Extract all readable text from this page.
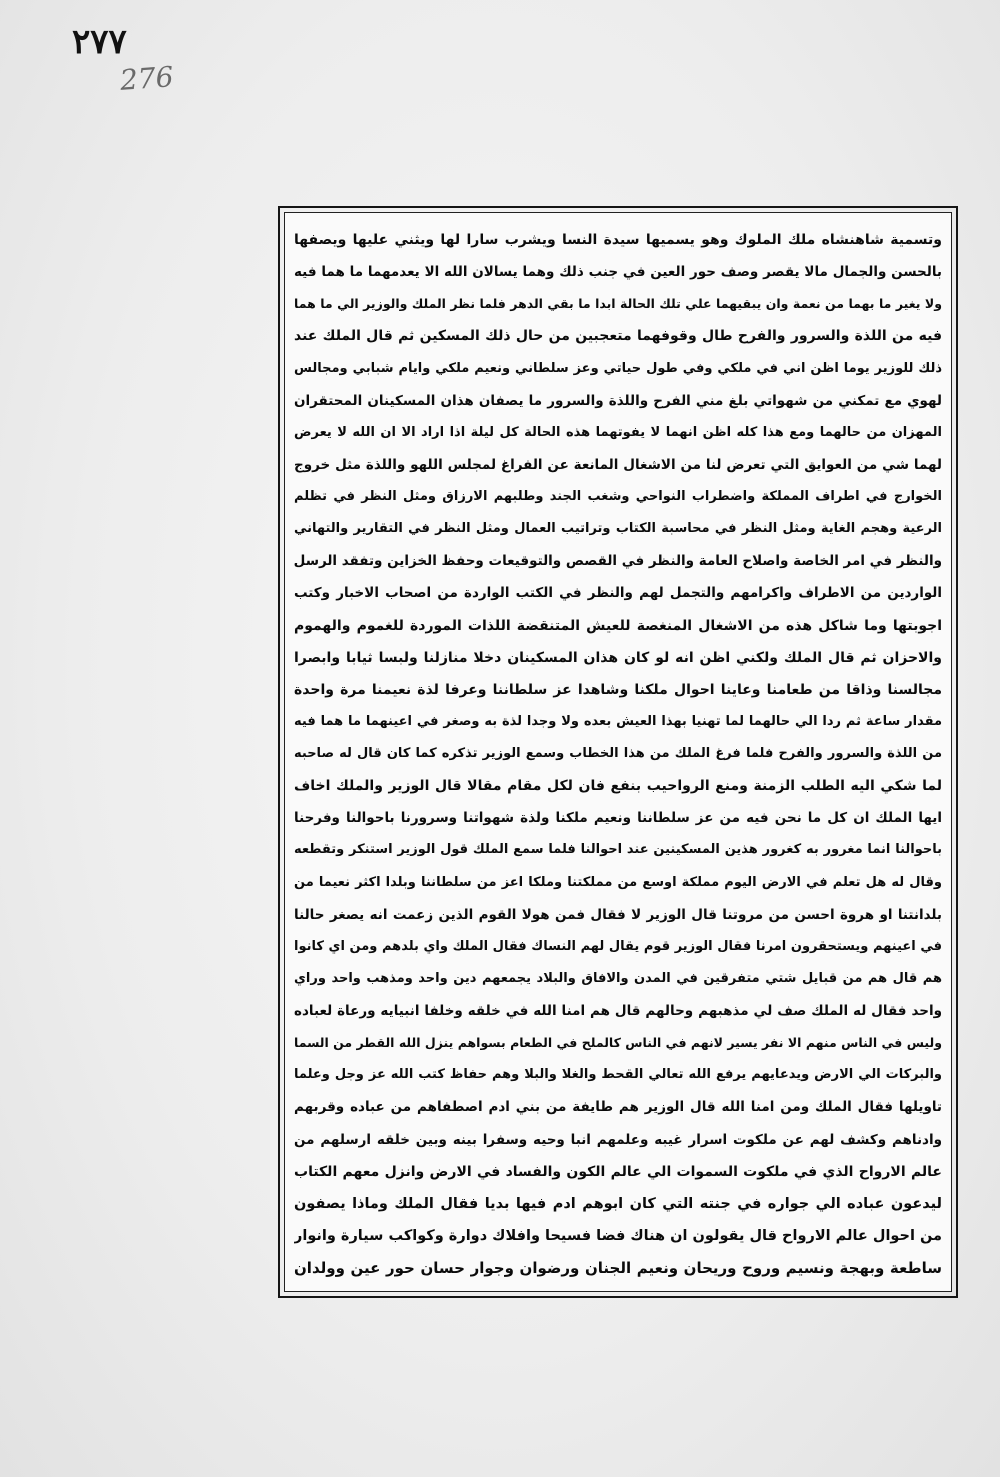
٢٧٧
276
وتسمية شاهنشاه ملك الملوك وهو يسميها سيدة النسا ويشرب سارا لها ويثني عليها ويصفها
بالحسن والجمال مالا يقصر وصف حور العين في جنب ذلك وهما يسالان الله الا يعدمهما ما هما فيه
ولا يغير ما بهما من نعمة وان يبقيهما علي تلك الحالة ابدا ما بقي الدهر فلما نظر الملك والوزير الي ما هما
فيه من اللذة والسرور والفرح طال وقوفهما متعجبين من حال ذلك المسكين ثم قال الملك عند
ذلك للوزير يوما اظن اني في ملكي وفي طول حياتي وعز سلطاني ونعيم ملكي وايام شبابي ومجالس
لهوي مع تمكني من شهواتي بلغ مني الفرح واللذة والسرور ما يصفان هذان المسكينان المحتقران
المهزان من حالهما ومع هذا كله اظن انهما لا يفوتهما هذه الحالة كل ليلة اذا اراد الا ان الله لا يعرض
لهما شي من العوايق التي تعرض لنا من الاشغال المانعة عن الفراغ لمجلس اللهو واللذة مثل خروج
الخوارج في اطراف المملكة واضطراب النواحي وشغب الجند وطلبهم الارزاق ومثل النظر في تظلم
الرعية وهجم الغاية ومثل النظر في محاسبة الكتاب وتراتيب العمال ومثل النظر في التقارير والتهاني
والنظر في امر الخاصة واصلاح العامة والنظر في القصص والتوقيعات وحفظ الخزاين وتفقد الرسل
الواردين من الاطراف واكرامهم والتجمل لهم والنظر في الكتب الواردة من اصحاب الاخبار وكتب
اجوبتها وما شاكل هذه من الاشغال المنغصة للعيش المتنقضة اللذات الموردة للغموم والهموم
والاحزان ثم قال الملك ولكني اظن انه لو كان هذان المسكينان دخلا منازلنا ولبسا ثيابا وابصرا
مجالسنا وذاقا من طعامنا وعاينا احوال ملكنا وشاهدا عز سلطاننا وعرفا لذة نعيمنا مرة واحدة
مقدار ساعة ثم ردا الي حالهما لما تهنيا بهذا العيش بعده ولا وجدا لذة به وصغر في اعينهما ما هما فيه
من اللذة والسرور والفرح فلما فرغ الملك من هذا الخطاب وسمع الوزير تذكره كما كان قال له صاحبه
لما شكي اليه الطلب الزمنة ومنع الرواحيب بنفع فان لكل مقام مقالا قال الوزير والملك اخاف
ايها الملك ان كل ما نحن فيه من عز سلطاننا ونعيم ملكنا ولذة شهواتنا وسرورنا باحوالنا وفرحنا
باحوالنا انما مغرور به كغرور هذين المسكينين عند احوالنا فلما سمع الملك قول الوزير استنكر وتقطعه
وقال له هل تعلم في الارض اليوم مملكة اوسع من مملكتنا وملكا اعز من سلطاننا وبلدا اكثر نعيما من
بلدانتنا او هروة احسن من مروتنا قال الوزير لا فقال فمن هولا القوم الذين زعمت انه يصغر حالنا
في اعينهم ويستحقرون امرنا فقال الوزير قوم يقال لهم النساك فقال الملك واي بلدهم ومن اي كانوا
هم قال هم من قبايل شتي متفرقين في المدن والافاق والبلاد يجمعهم دين واحد ومذهب واحد وراي
واحد فقال له الملك صف لي مذهبهم وحالهم قال هم امنا الله في خلقه وخلفا انبيايه ورعاة لعباده
وليس في الناس منهم الا نفر يسير لانهم في الناس كالملح في الطعام بسواهم ينزل الله القطر من السما
والبركات الي الارض ويدعايهم يرفع الله تعالي القحط والغلا والبلا وهم حفاظ كتب الله عز وجل وعلما
تاويلها فقال الملك ومن امنا الله قال الوزير هم طايفة من بني ادم اصطفاهم من عباده وقربهم
وادناهم وكشف لهم عن ملكوت اسرار غيبه وعلمهم انبا وحيه وسفرا بينه وبين خلقه ارسلهم من
عالم الارواح الذي في ملكوت السموات الي عالم الكون والفساد في الارض وانزل معهم الكتاب
ليدعون عباده الي جواره في جنته التي كان ابوهم ادم فيها بديا فقال الملك وماذا يصفون
من احوال عالم الارواح قال يقولون ان هناك فضا فسيحا وافلاك دوارة وكواكب سيارة وانوار
ساطعة وبهجة ونسيم وروح وريحان ونعيم الجنان ورضوان وجوار حسان حور عين وولدان
